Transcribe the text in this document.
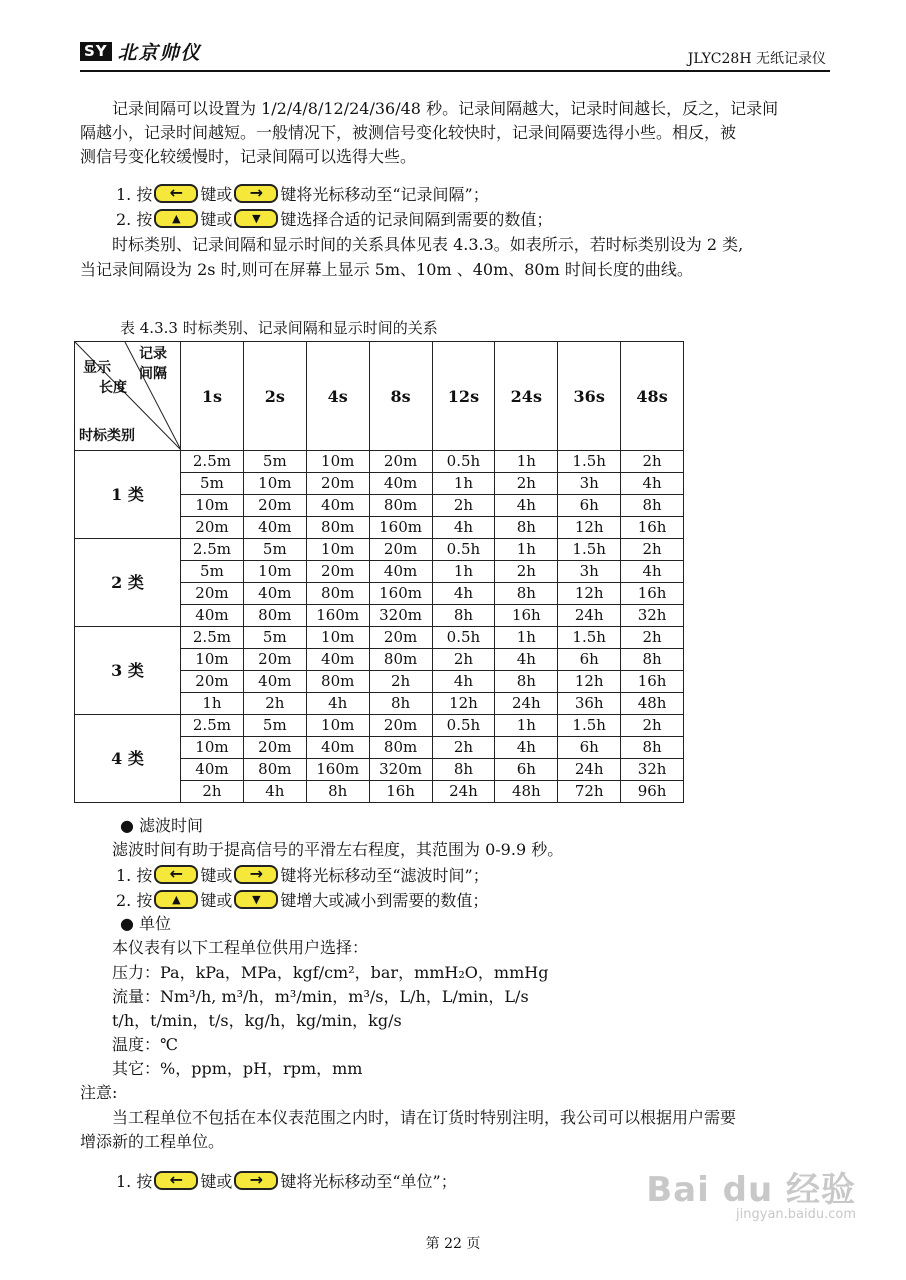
SY 北京帅仪	JLYC28H 无纸记录仪
记录间隔可以设置为 1/2/4/8/12/24/36/48 秒。记录间隔越大，记录时间越长，反之，记录间
隔越小，记录时间越短。一般情况下，被测信号变化较快时，记录间隔要选得小些。相反，被
测信号变化较缓慢时，记录间隔可以选得大些。
1. 按 ← 键或 → 键将光标移动至“记录间隔”；
2. 按 ▲ 键或 ▼ 键选择合适的记录间隔到需要的数值；
时标类别、记录间隔和显示时间的关系具体见表 4.3.3。如表所示，若时标类别设为 2 类,
当记录间隔设为 2s 时,则可在屏幕上显示 5m、10m 、40m、80m 时间长度的曲线。
表 4.3.3 时标类别、记录间隔和显示时间的关系
记录
间隔
显示
长度
时标类别	1s	2s	4s	8s	12s	24s	36s	48s
1 类	2.5m	5m	10m	20m	0.5h	1h	1.5h	2h
	5m	10m	20m	40m	1h	2h	3h	4h
	10m	20m	40m	80m	2h	4h	6h	8h
	20m	40m	80m	160m	4h	8h	12h	16h
2 类	2.5m	5m	10m	20m	0.5h	1h	1.5h	2h
	5m	10m	20m	40m	1h	2h	3h	4h
	20m	40m	80m	160m	4h	8h	12h	16h
	40m	80m	160m	320m	8h	16h	24h	32h
3 类	2.5m	5m	10m	20m	0.5h	1h	1.5h	2h
	10m	20m	40m	80m	2h	4h	6h	8h
	20m	40m	80m	2h	4h	8h	12h	16h
	1h	2h	4h	8h	12h	24h	36h	48h
4 类	2.5m	5m	10m	20m	0.5h	1h	1.5h	2h
	10m	20m	40m	80m	2h	4h	6h	8h
	40m	80m	160m	320m	8h	6h	24h	32h
	2h	4h	8h	16h	24h	48h	72h	96h
● 滤波时间
滤波时间有助于提高信号的平滑左右程度，其范围为 0-9.9 秒。
1. 按 ← 键或 → 键将光标移动至“滤波时间”；
2. 按 ▲ 键或 ▼ 键增大或减小到需要的数值；
● 单位
本仪表有以下工程单位供用户选择：
压力：Pa，kPa，MPa，kgf/cm²，bar，mmH₂O，mmHg
流量：Nm³/h, m³/h，m³/min，m³/s，L/h，L/min，L/s
t/h，t/min，t/s，kg/h，kg/min，kg/s
温度：℃
其它：%，ppm，pH，rpm，mm
注意:
当工程单位不包括在本仪表范围之内时，请在订货时特别注明，我公司可以根据用户需要
增添新的工程单位。
1. 按 ← 键或 → 键将光标移动至“单位”；	Bai du 经验
jingyan.baidu.com
第 22 页
